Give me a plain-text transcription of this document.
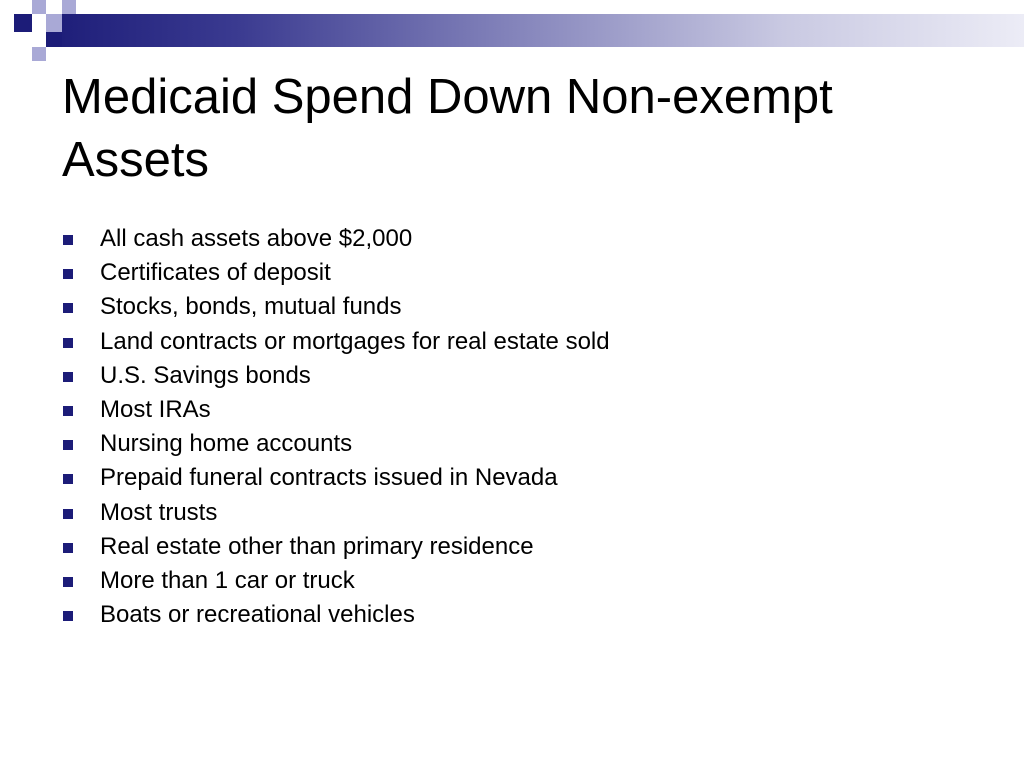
Medicaid Spend Down Non-exempt Assets
All cash assets above $2,000
Certificates of deposit
Stocks, bonds, mutual funds
Land contracts or mortgages for real estate sold
U.S. Savings bonds
Most IRAs
Nursing home accounts
Prepaid funeral contracts issued in Nevada
Most trusts
Real estate other than primary residence
More than 1 car or truck
Boats or recreational vehicles
